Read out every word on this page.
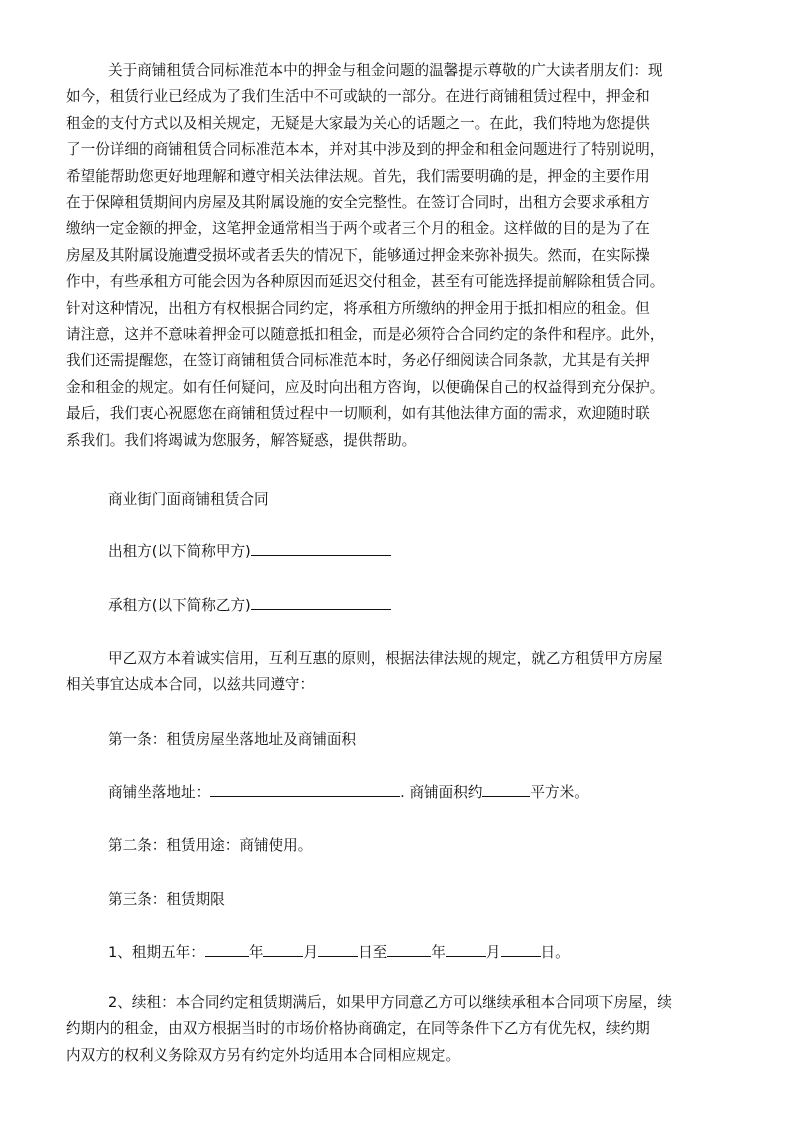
关于商铺租赁合同标准范本中的押金与租金问题的温馨提示尊敬的广大读者朋友们：现
如今，租赁行业已经成为了我们生活中不可或缺的一部分。在进行商铺租赁过程中，押金和
租金的支付方式以及相关规定，无疑是大家最为关心的话题之一。在此，我们特地为您提供
了一份详细的商铺租赁合同标准范本本，并对其中涉及到的押金和租金问题进行了特别说明，
希望能帮助您更好地理解和遵守相关法律法规。首先，我们需要明确的是，押金的主要作用
在于保障租赁期间内房屋及其附属设施的安全完整性。在签订合同时，出租方会要求承租方
缴纳一定金额的押金，这笔押金通常相当于两个或者三个月的租金。这样做的目的是为了在
房屋及其附属设施遭受损坏或者丢失的情况下，能够通过押金来弥补损失。然而，在实际操
作中，有些承租方可能会因为各种原因而延迟交付租金，甚至有可能选择提前解除租赁合同。
针对这种情况，出租方有权根据合同约定，将承租方所缴纳的押金用于抵扣相应的租金。但
请注意，这并不意味着押金可以随意抵扣租金，而是必须符合合同约定的条件和程序。此外，
我们还需提醒您，在签订商铺租赁合同标准范本时，务必仔细阅读合同条款，尤其是有关押
金和租金的规定。如有任何疑问，应及时向出租方咨询，以便确保自己的权益得到充分保护。
最后，我们衷心祝愿您在商铺租赁过程中一切顺利，如有其他法律方面的需求，欢迎随时联
系我们。我们将竭诚为您服务，解答疑惑，提供帮助。

商业街门面商铺租赁合同

出租方(以下简称甲方)

承租方(以下简称乙方)

甲乙双方本着诚实信用，互利互惠的原则，根据法律法规的规定，就乙方租赁甲方房屋
相关事宜达成本合同，以兹共同遵守：

第一条：租赁房屋坐落地址及商铺面积

商铺坐落地址：	. 商铺面积约	平方米。

第二条：租赁用途：商铺使用。

第三条：租赁期限

1、租期五年：	年	月	日至	年	月	日。

2、续租：本合同约定租赁期满后，如果甲方同意乙方可以继续承租本合同项下房屋，续
约期内的租金，由双方根据当时的市场价格协商确定，在同等条件下乙方有优先权，续约期
内双方的权利义务除双方另有约定外均适用本合同相应规定。
